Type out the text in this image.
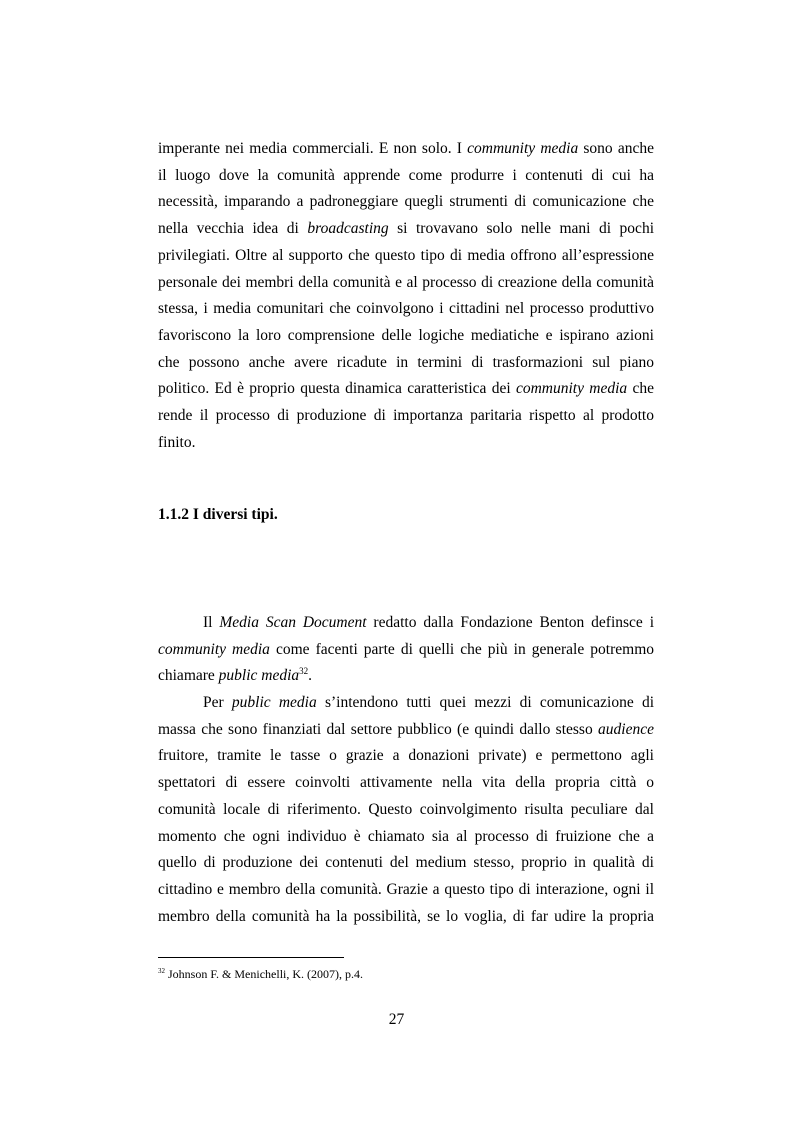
imperante nei media commerciali. E non solo. I community media sono anche
il luogo dove la comunità apprende come produrre i contenuti di cui ha
necessità, imparando a padroneggiare quegli strumenti di comunicazione che
nella vecchia idea di broadcasting si trovavano solo nelle mani di pochi
privilegiati. Oltre al supporto che questo tipo di media offrono all’espressione
personale dei membri della comunità e al processo di creazione della comunità
stessa, i media comunitari che coinvolgono i cittadini nel processo produttivo
favoriscono la loro comprensione delle logiche mediatiche e ispirano azioni
che possono anche avere ricadute in termini di trasformazioni sul piano
politico. Ed è proprio questa dinamica caratteristica dei community media che
rende il processo di produzione di importanza paritaria rispetto al prodotto
finito.
1.1.2 I diversi tipi.
Il Media Scan Document redatto dalla Fondazione Benton definsce i community media come facenti parte di quelli che più in generale potremmo chiamare public media$^{32}$.
Per public media s’intendono tutti quei mezzi di comunicazione di massa che sono finanziati dal settore pubblico (e quindi dallo stesso audience fruitore, tramite le tasse o grazie a donazioni private) e permettono agli spettatori di essere coinvolti attivamente nella vita della propria città o comunità locale di riferimento. Questo coinvolgimento risulta peculiare dal momento che ogni individuo è chiamato sia al processo di fruizione che a quello di produzione dei contenuti del medium stesso, proprio in qualità di cittadino e membro della comunità. Grazie a questo tipo di interazione, ogni il membro della comunità ha la possibilità, se lo voglia, di far udire la propria

$^{32}$ Johnson F. & Menichelli, K. (2007), p.4.

27
